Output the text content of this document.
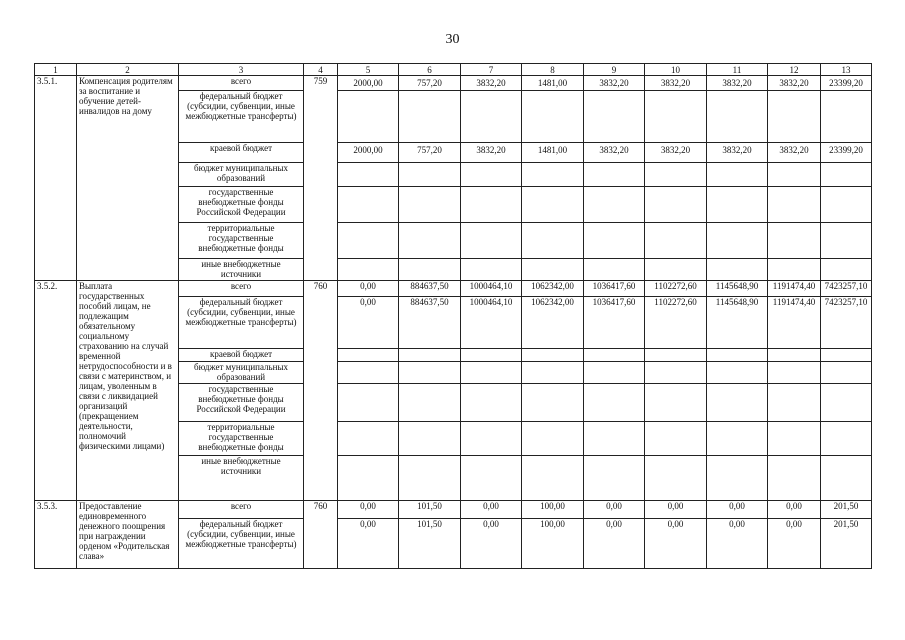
30
1	2	3	4	5	6	7	8	9	10	11	12	13
3.5.1.	Компенсация родителям за воспитание и обучение детей-инвалидов на дому	всего	759	2000,00	757,20	3832,20	1481,00	3832,20	3832,20	3832,20	3832,20	23399,20
		федеральный бюджет (субсидии, субвенции, иные межбюджетные трансферты)										
		краевой бюджет		2000,00	757,20	3832,20	1481,00	3832,20	3832,20	3832,20	3832,20	23399,20
		бюджет муниципальных образований										
		государственные внебюджетные фонды Российской Федерации										
		территориальные государственные внебюджетные фонды										
		иные внебюджетные источники										
3.5.2.	Выплата государственных пособий лицам, не подлежащим обязательному социальному страхованию на случай временной нетрудоспособности и в связи с материнством, и лицам, уволенным в связи с ликвидацией организаций (прекращением деятельности, полномочий физическими лицами)	всего	760	0,00	884637,50	1000464,10	1062342,00	1036417,60	1102272,60	1145648,90	1191474,40	7423257,10
		федеральный бюджет (субсидии, субвенции, иные межбюджетные трансферты)		0,00	884637,50	1000464,10	1062342,00	1036417,60	1102272,60	1145648,90	1191474,40	7423257,10
		краевой бюджет										
		бюджет муниципальных образований										
		государственные внебюджетные фонды Российской Федерации										
		территориальные государственные внебюджетные фонды										
		иные внебюджетные источники										
3.5.3.	Предоставление единовременного денежного поощрения при награждении орденом «Родительская слава»	всего	760	0,00	101,50	0,00	100,00	0,00	0,00	0,00	0,00	201,50
		федеральный бюджет (субсидии, субвенции, иные межбюджетные трансферты)		0,00	101,50	0,00	100,00	0,00	0,00	0,00	0,00	201,50
